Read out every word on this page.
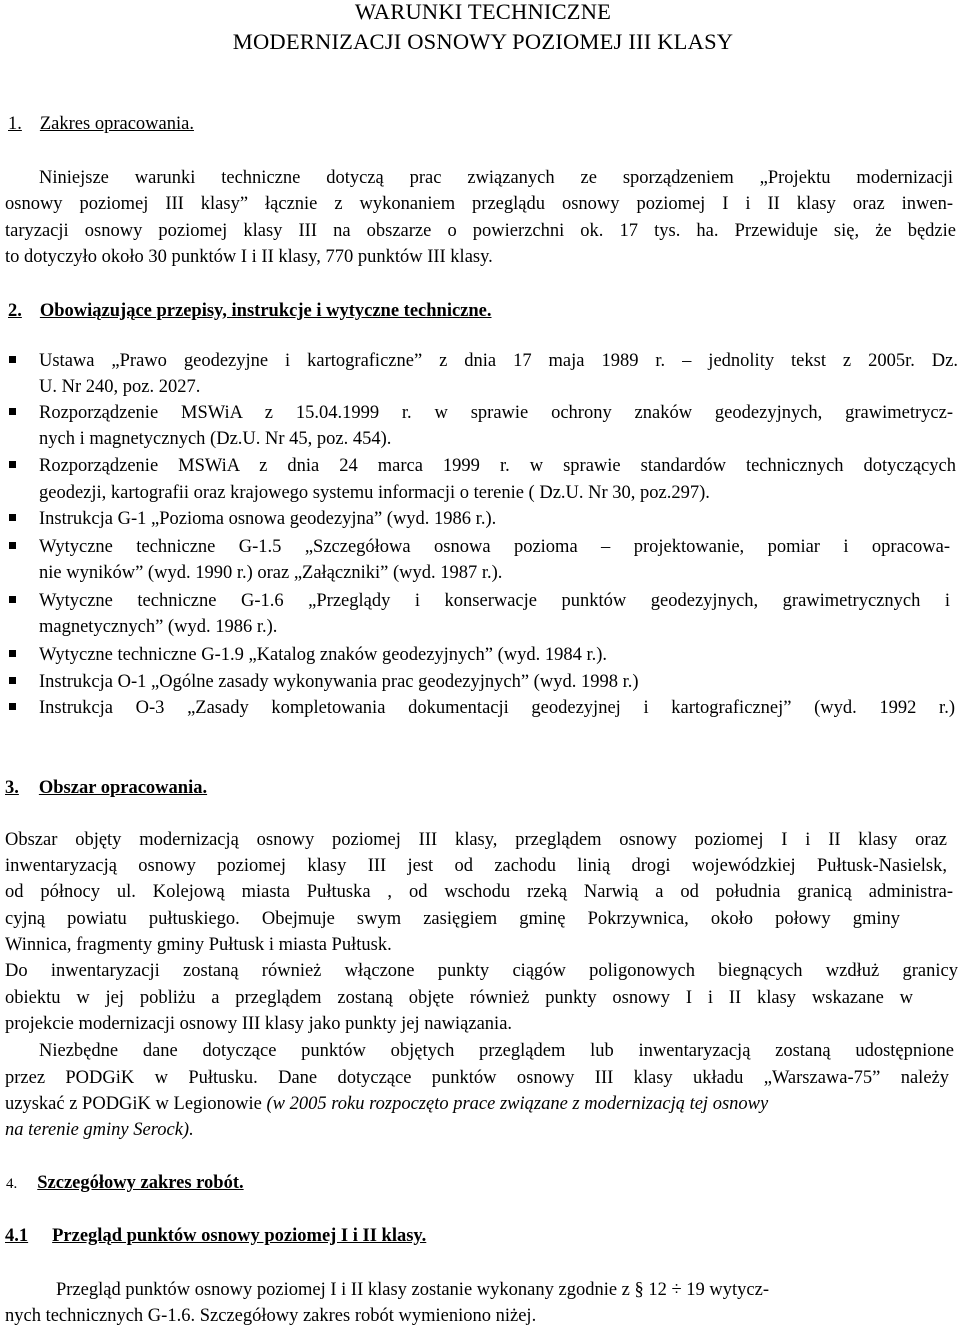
WARUNKI TECHNICZNE
MODERNIZACJI OSNOWY POZIOMEJ III KLASY
1. Zakres opracowania.
Niniejsze warunki techniczne dotyczą prac związanych ze sporządzeniem „Projektu modernizacji
osnowy poziomej III klasy” łącznie z wykonaniem przeglądu osnowy poziomej I i II klasy oraz inwen-
taryzacji osnowy poziomej klasy III na obszarze o powierzchni ok. 17 tys. ha. Przewiduje się, że będzie
to dotyczyło około 30 punktów I i II klasy, 770 punktów III klasy.
2. Obowiązujące przepisy, instrukcje i wytyczne techniczne.
Ustawa „Prawo geodezyjne i kartograficzne” z dnia 17 maja 1989 r. – jednolity tekst z 2005r. Dz.
U. Nr 240, poz. 2027.
Rozporządzenie MSWiA z 15.04.1999 r. w sprawie ochrony znaków geodezyjnych, grawimetrycz-
nych i magnetycznych (Dz.U. Nr 45, poz. 454).
Rozporządzenie MSWiA z dnia 24 marca 1999 r. w sprawie standardów technicznych dotyczących
geodezji, kartografii oraz krajowego systemu informacji o terenie ( Dz.U. Nr 30, poz.297).
Instrukcja G-1 „Pozioma osnowa geodezyjna” (wyd. 1986 r.).
Wytyczne techniczne G-1.5 „Szczegółowa osnowa pozioma – projektowanie, pomiar i opracowa-
nie wyników” (wyd. 1990 r.) oraz „Załączniki” (wyd. 1987 r.).
Wytyczne techniczne G-1.6 „Przeglądy i konserwacje punktów geodezyjnych, grawimetrycznych i
magnetycznych” (wyd. 1986 r.).
Wytyczne techniczne G-1.9 „Katalog znaków geodezyjnych” (wyd. 1984 r.).
Instrukcja O-1 „Ogólne zasady wykonywania prac geodezyjnych” (wyd. 1998 r.)
Instrukcja O-3 „Zasady kompletowania dokumentacji geodezyjnej i kartograficznej” (wyd. 1992 r.)
3. Obszar opracowania.
Obszar objęty modernizacją osnowy poziomej III klasy, przeglądem osnowy poziomej I i II klasy oraz
inwentaryzacją osnowy poziomej klasy III jest od zachodu linią drogi wojewódzkiej Pułtusk-Nasielsk,
od północy ul. Kolejową miasta Pułtuska , od wschodu rzeką Narwią a od południa granicą administra-
cyjną powiatu pułtuskiego. Obejmuje swym zasięgiem gminę Pokrzywnica, około połowy gminy
Winnica, fragmenty gminy Pułtusk i miasta Pułtusk.
Do inwentaryzacji zostaną również włączone punkty ciągów poligonowych biegnących wzdłuż granicy
obiektu w jej pobliżu a przeglądem zostaną objęte również punkty osnowy I i II klasy wskazane w
projekcie modernizacji osnowy III klasy jako punkty jej nawiązania.
Niezbędne dane dotyczące punktów objętych przeglądem lub inwentaryzacją zostaną udostępnione
przez PODGiK w Pułtusku. Dane dotyczące punktów osnowy III klasy układu „Warszawa-75” należy
uzyskać z PODGiK w Legionowie (w 2005 roku rozpoczęto prace związane z modernizacją tej osnowy
na terenie gminy Serock).
4. Szczegółowy zakres robót.
4.1 Przegląd punktów osnowy poziomej I i II klasy.
Przegląd punktów osnowy poziomej I i II klasy zostanie wykonany zgodnie z § 12 ÷ 19 wytycz-
nych technicznych G-1.6. Szczegółowy zakres robót wymieniono niżej.
